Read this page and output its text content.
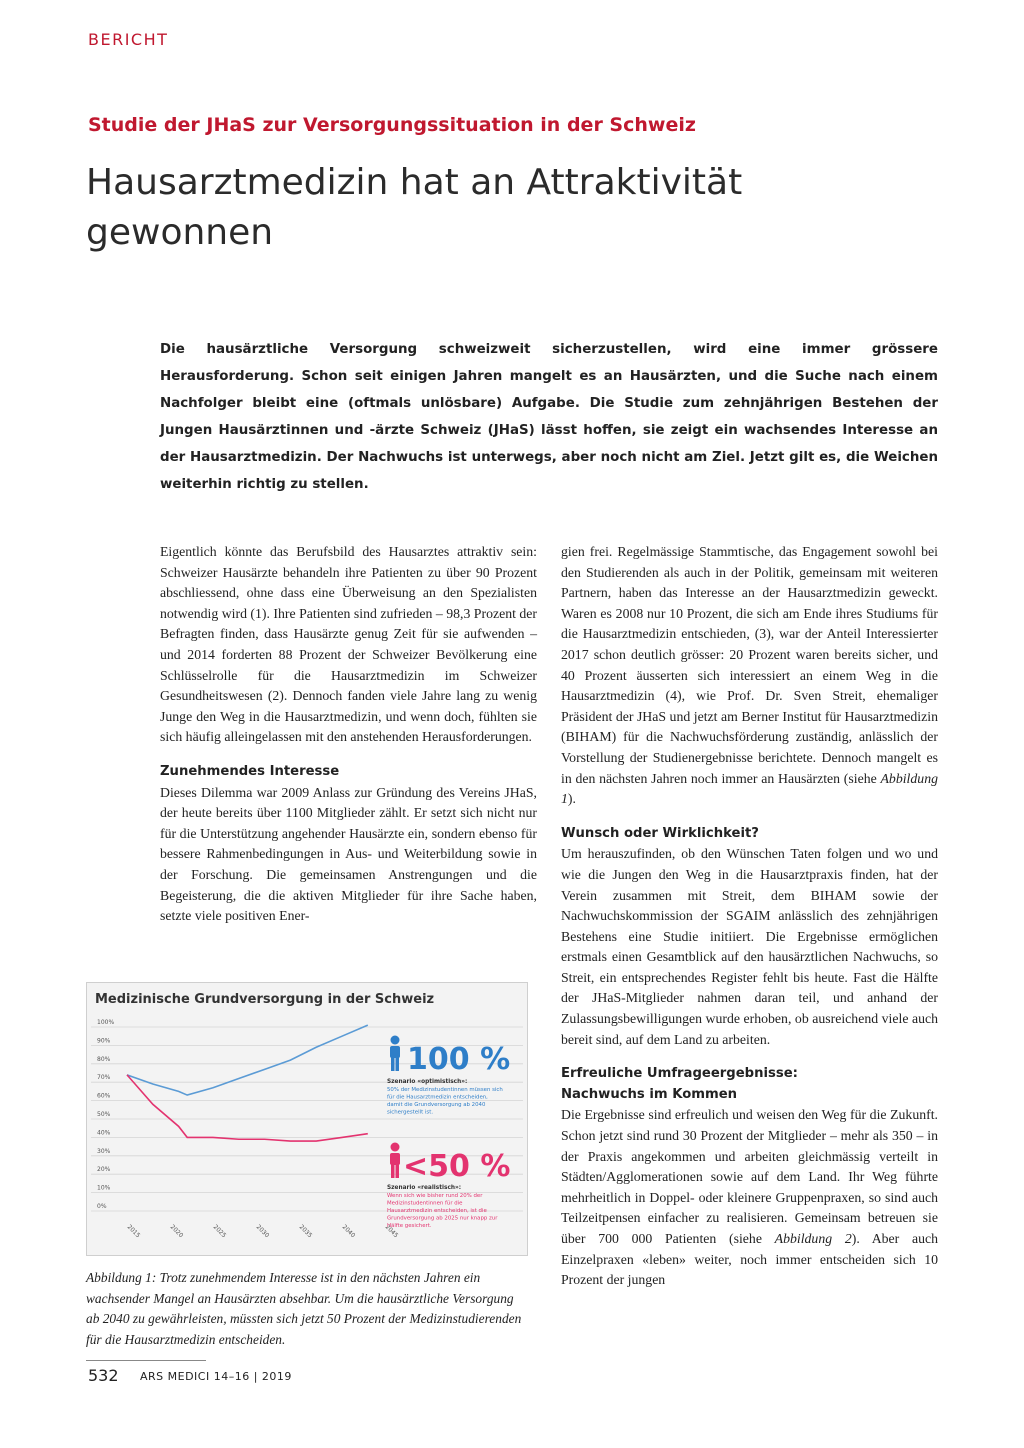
BERICHT
Studie der JHaS zur Versorgungssituation in der Schweiz
Hausarztmedizin hat an Attraktivität gewonnen

Die hausärztliche Versorgung schweizweit sicherzustellen, wird eine immer grössere Herausforderung. Schon seit einigen Jahren mangelt es an Hausärzten, und die Suche nach einem Nachfolger bleibt eine (oftmals unlösbare) Aufgabe. Die Studie zum zehnjährigen Bestehen der Jungen Hausärztinnen und -ärzte Schweiz (JHaS) lässt hoffen, sie zeigt ein wachsendes Interesse an der Hausarztmedizin. Der Nachwuchs ist unterwegs, aber noch nicht am Ziel. Jetzt gilt es, die Weichen weiterhin richtig zu stellen.

Eigentlich könnte das Berufsbild des Hausarztes attraktiv sein: Schweizer Hausärzte behandeln ihre Patienten zu über 90 Prozent abschliessend, ohne dass eine Überweisung an den Spezialisten notwendig wird (1). Ihre Patienten sind zufrieden – 98,3 Prozent der Befragten finden, dass Hausärzte genug Zeit für sie aufwenden – und 2014 forderten 88 Prozent der Schweizer Bevölkerung eine Schlüsselrolle für die Hausarztmedizin im Schweizer Gesundheitswesen (2). Dennoch fanden viele Jahre lang zu wenig Junge den Weg in die Hausarztmedizin, und wenn doch, fühlten sie sich häufig alleingelassen mit den anstehenden Herausforderungen.

Zunehmendes Interesse

Dieses Dilemma war 2009 Anlass zur Gründung des Vereins JHaS, der heute bereits über 1100 Mitglieder zählt. Er setzt sich nicht nur für die Unterstützung angehender Hausärzte ein, sondern ebenso für bessere Rahmenbedingungen in Aus- und Weiterbildung sowie in der Forschung. Die gemeinsamen Anstrengungen und die Begeisterung, die die aktiven Mitglieder für ihre Sache haben, setzte viele positiven Ener-

gien frei. Regelmässige Stammtische, das Engagement sowohl bei den Studierenden als auch in der Politik, gemeinsam mit weiteren Partnern, haben das Interesse an der Hausarztmedizin geweckt. Waren es 2008 nur 10 Prozent, die sich am Ende ihres Studiums für die Hausarztmedizin entschieden, (3), war der Anteil Interessierter 2017 schon deutlich grösser: 20 Prozent waren bereits sicher, und 40 Prozent äusserten sich interessiert an einem Weg in die Hausarztmedizin (4), wie Prof. Dr. Sven Streit, ehemaliger Präsident der JHaS und jetzt am Berner Institut für Hausarztmedizin (BIHAM) für die Nachwuchsförderung zuständig, anlässlich der Vorstellung der Studienergebnisse berichtete. Dennoch mangelt es in den nächsten Jahren noch immer an Hausärzten (siehe Abbildung 1).

Wunsch oder Wirklichkeit?

Um herauszufinden, ob den Wünschen Taten folgen und wo und wie die Jungen den Weg in die Hausarztpraxis finden, hat der Verein zusammen mit Streit, dem BIHAM sowie der Nachwuchskommission der SGAIM anlässlich des zehnjährigen Bestehens eine Studie initiiert. Die Ergebnisse ermöglichen erstmals einen Gesamtblick auf den hausärztlichen Nachwuchs, so Streit, ein entsprechendes Register fehlt bis heute. Fast die Hälfte der JHaS-Mitglieder nahmen daran teil, und anhand der Zulassungsbewilligungen wurde erhoben, ob ausreichend viele auch bereit sind, auf dem Land zu arbeiten.

Erfreuliche Umfrageergebnisse:
Nachwuchs im Kommen

Die Ergebnisse sind erfreulich und weisen den Weg für die Zukunft. Schon jetzt sind rund 30 Prozent der Mitglieder – mehr als 350 – in der Praxis angekommen und arbeiten gleichmässig verteilt in Städten/Agglomerationen sowie auf dem Land. Ihr Weg führte mehrheitlich in Doppel- oder kleinere Gruppenpraxen, so sind auch Teilzeitpensen einfacher zu realisieren. Gemeinsam betreuen sie über 700 000 Patienten (siehe Abbildung 2). Aber auch Einzelpraxen «leben» weiter, noch immer entscheiden sich 10 Prozent der jungen

Medizinische Grundversorgung in der Schweiz
100%
90%
80%
70%
60%
50%
40%
30%
20%
10%
0%
2015	2020	2025	2030	2035	2040	2045
100 %
Szenario «optimistisch»:
50% der Medizinstudentinnen müssen sich für die Hausarztmedizin entscheiden, damit die Grundversorgung ab 2040 sichergestellt ist.
<50 %
Szenario «realistisch»:
Wenn sich wie bisher rund 20% der Medizinstudentinnen für die Hausarztmedizin entscheiden, ist die Grundversorgung ab 2025 nur knapp zur Hälfte gesichert.

Abbildung 1: Trotz zunehmendem Interesse ist in den nächsten Jahren ein wachsender Mangel an Hausärzten absehbar. Um die hausärztliche Versorgung ab 2040 zu gewährleisten, müssten sich jetzt 50 Prozent der Medizinstudierenden für die Hausarztmedizin entscheiden.

532 ARS MEDICI 14–16 | 2019
